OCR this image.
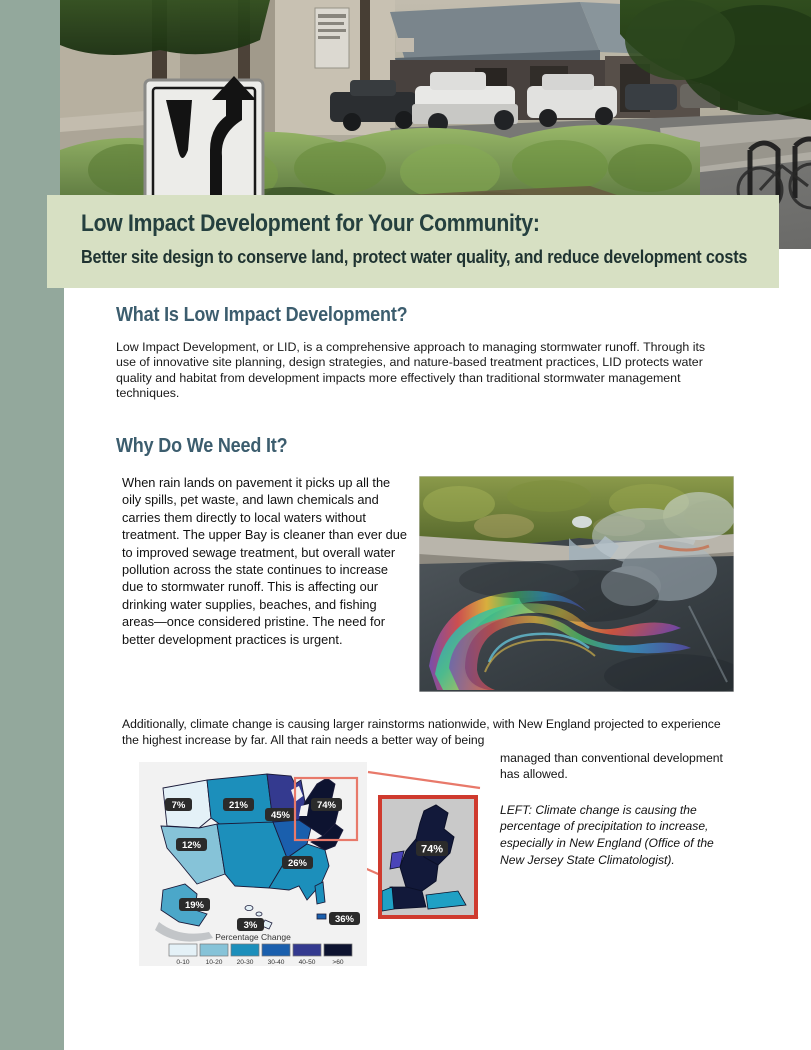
Low Impact Development for Your Community:
Better site design to conserve land, protect water quality, and reduce development costs
What Is Low Impact Development?
Low Impact Development, or LID, is a comprehensive approach to managing stormwater runoff. Through its use of innovative site planning, design strategies, and nature-based treatment practices, LID protects water quality and habitat from development impacts more effectively than traditional stormwater management techniques.
Why Do We Need It?
When rain lands on pavement it picks up all the oily spills, pet waste, and lawn chemicals and carries them directly to local waters without treatment. The upper Bay is cleaner than ever due to improved sewage treatment, but overall water pollution across the state continues to increase due to stormwater runoff. This is affecting our drinking water supplies, beaches, and fishing areas—once considered pristine. The need for better development practices is urgent.
Additionally, climate change is causing larger rainstorms nationwide, with New England projected to experience the highest increase by far. All that rain needs a better way of being
managed than conventional development has allowed.
LEFT: Climate change is causing the percentage of precipitation to increase, especially in New England (Office of the New Jersey State Climatologist).
7%	21%
12%
45%
74%
26%
19%
3%
36%
Percentage Change
0-10 10-20 20-30 30-40 40-50	>60
74%
